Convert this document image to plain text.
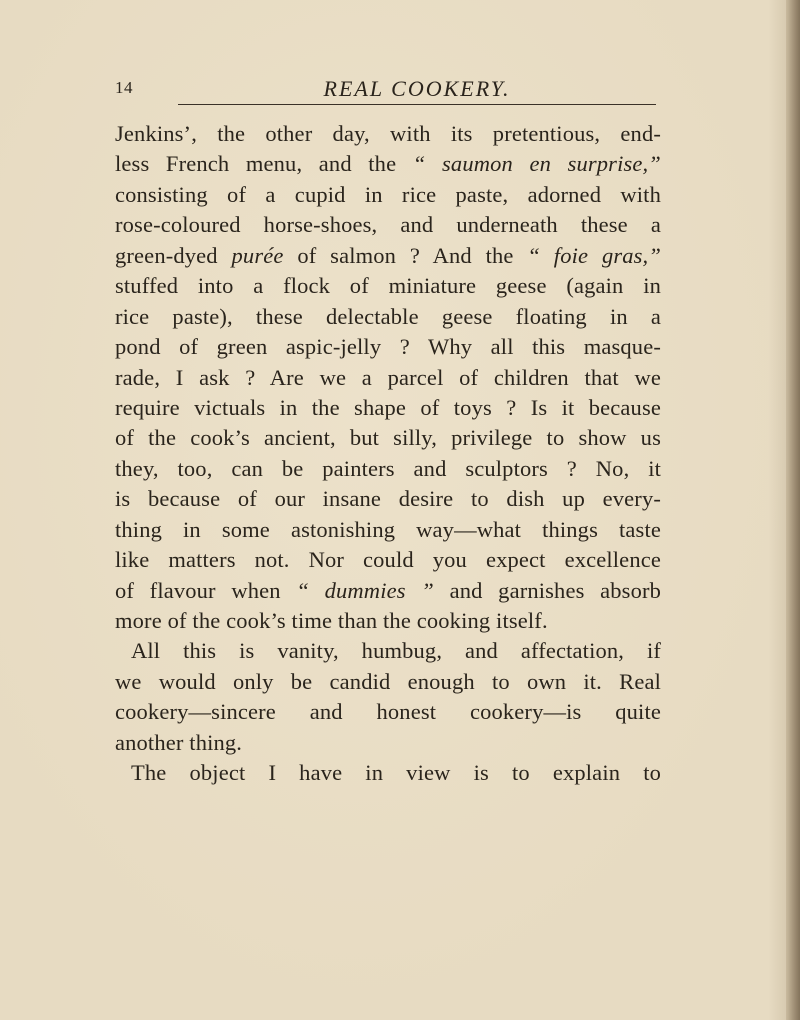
14	REAL COOKERY.
Jenkins’, the other day, with its pretentious, end-
less French menu, and the “ saumon en surprise,”
consisting of a cupid in rice paste, adorned with
rose-coloured horse-shoes, and underneath these a
green-dyed purée of salmon ? And the “ foie gras,”
stuffed into a flock of miniature geese (again in
rice paste), these delectable geese floating in a
pond of green aspic-jelly ? Why all this masque-
rade, I ask ? Are we a parcel of children that we
require victuals in the shape of toys ? Is it because
of the cook’s ancient, but silly, privilege to show us
they, too, can be painters and sculptors ? No, it
is because of our insane desire to dish up every-
thing in some astonishing way—what things taste
like matters not. Nor could you expect excellence
of flavour when “ dummies ” and garnishes absorb
more of the cook’s time than the cooking itself.
All this is vanity, humbug, and affectation, if
we would only be candid enough to own it. Real
cookery—sincere and honest cookery—is quite
another thing.
The object I have in view is to explain to
